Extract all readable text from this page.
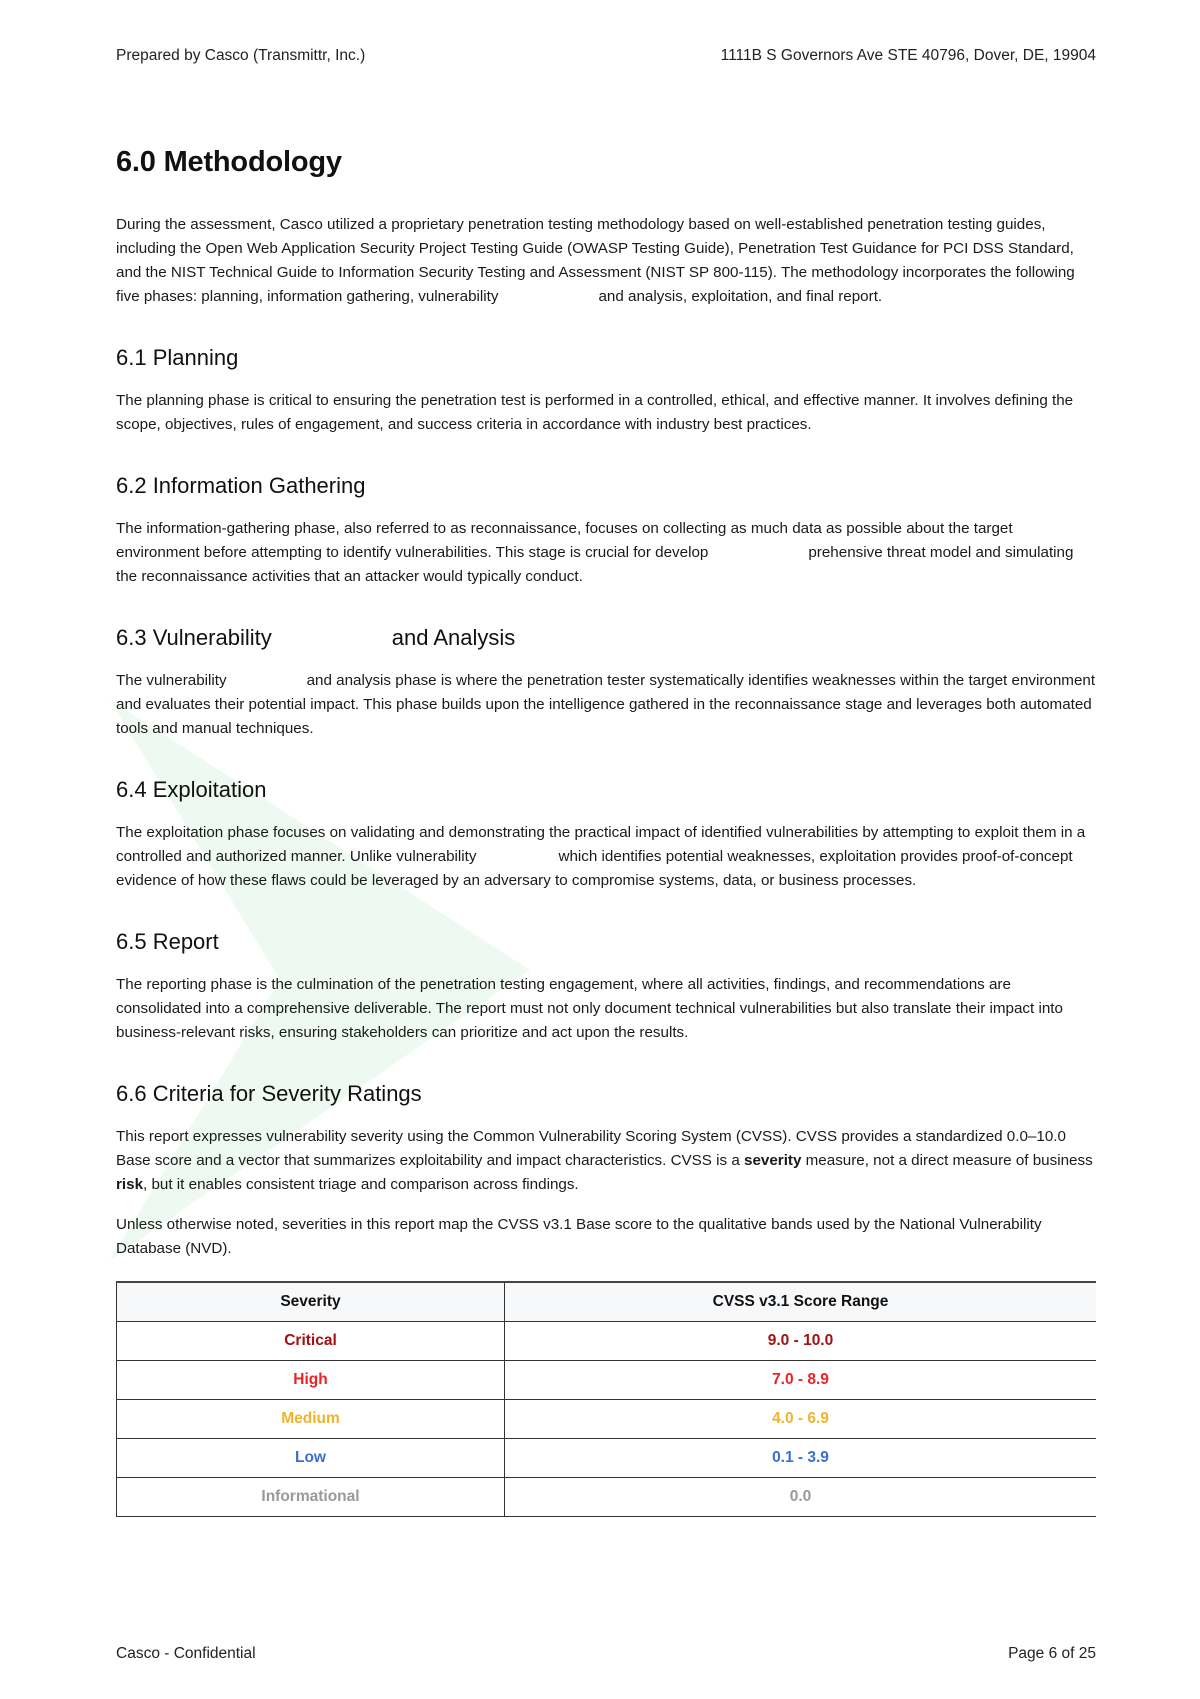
Prepared by Casco (Transmittr, Inc.)	1111B S Governors Ave STE 40796, Dover, DE, 19904
6.0 Methodology

During the assessment, Casco utilized a proprietary penetration testing methodology based on well-established penetration testing guides, including the Open Web Application Security Project Testing Guide (OWASP Testing Guide), Penetration Test Guidance for PCI DSS Standard, and the NIST Technical Guide to Information Security Testing and Assessment (NIST SP 800-115). The methodology incorporates the following five phases: planning, information gathering, vulnerability	and analysis, exploitation, and final report.

6.1 Planning

The planning phase is critical to ensuring the penetration test is performed in a controlled, ethical, and effective manner. It involves defining the scope, objectives, rules of engagement, and success criteria in accordance with industry best practices.

6.2 Information Gathering

The information-gathering phase, also referred to as reconnaissance, focuses on collecting as much data as possible about the target environment before attempting to identify vulnerabilities. This stage is crucial for develop	prehensive threat model and simulating the reconnaissance activities that an attacker would typically conduct.

6.3 Vulnerability	and Analysis

The vulnerability	and analysis phase is where the penetration tester systematically identifies weaknesses within the target environment and evaluates their potential impact. This phase builds upon the intelligence gathered in the reconnaissance stage and leverages both automated tools and manual techniques.

6.4 Exploitation

The exploitation phase focuses on validating and demonstrating the practical impact of identified vulnerabilities by attempting to exploit them in a controlled and authorized manner. Unlike vulnerability	which identifies potential weaknesses, exploitation provides proof-of-concept evidence of how these flaws could be leveraged by an adversary to compromise systems, data, or business processes.

6.5 Report

The reporting phase is the culmination of the penetration testing engagement, where all activities, findings, and recommendations are consolidated into a comprehensive deliverable. The report must not only document technical vulnerabilities but also translate their impact into business-relevant risks, ensuring stakeholders can prioritize and act upon the results.

6.6 Criteria for Severity Ratings

This report expresses vulnerability severity using the Common Vulnerability Scoring System (CVSS). CVSS provides a standardized 0.0–10.0 Base score and a vector that summarizes exploitability and impact characteristics. CVSS is a severity measure, not a direct measure of business risk, but it enables consistent triage and comparison across findings.

Unless otherwise noted, severities in this report map the CVSS v3.1 Base score to the qualitative bands used by the National Vulnerability Database (NVD).

Severity	CVSS v3.1 Score Range
Critical	9.0 - 10.0
High	7.0 - 8.9
Medium	4.0 - 6.9
Low	0.1 - 3.9
Informational	0.0
Casco - Confidential	Page 6 of 25
